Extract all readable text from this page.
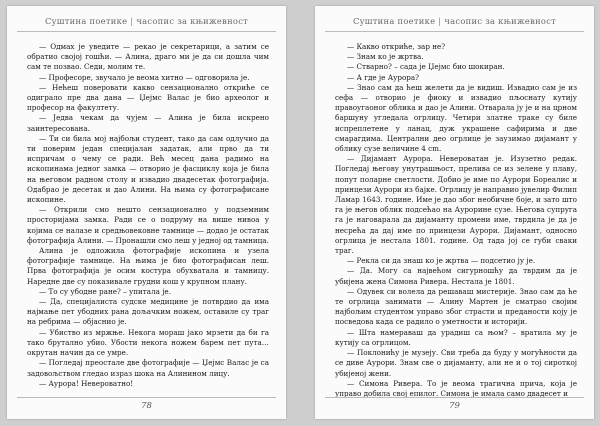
Суштина поетике | часопис за књижевност

— Одмах је уведите — рекао је секретарици, а затим се обратио својој гошћи. — Алина, драго ми је да си дошла чим сам те позвао. Седи, молим те.

— Професоре, звучало је веома хитно — одговорила је.

— Нећеш поверовати какво сензационално откриће се одиграло пре два дана — Џејмс Валас је био археолог и професор на факултету.

— Једва чекам да чујем — Алина је била искрено заинтересована.

— Ти си била мој најбољи студент, тако да сам одлучио да ти поверим један специјалан задатак, али прво да ти испричам о чему се ради. Већ месец дана радимо на ископинама једног замка — отворио је фасциклу која је била на његовом радном столу и извадио двадесетак фотографија. Одабрао је десетак и дао Алини. На њима су фотографисане ископине.

— Открили смо нешто сензационално у подземним просторијама замка. Ради се о подруму на више нивоа у којима се налазе и средњовековне тамнице — додао је остатак фотографија Алини. — Пронашли смо леш у једној од тамница.

Алина је одложила фотографије ископина и узела фотографије тамнице. На њима је био фотографисан леш. Прва фотографија је осим костура обухватала и тамницу. Наредне две су показивале грудни кош у крупном плану.

— То су убодне ране? – упитала је.

— Да, специјалиста судске медицине је потврдио да има најмање пет убодних рана дољачким ножем, оставиле су траг на ребрима — објаснио је.

— Убиство из мржње. Некога морaш јако мрзети да би га тако брутално убио. Убости некога ножем барем пет пута… окрутан начин да се умре.

— Погледај преостале две фотографије — Џејмс Валас је са задовољством гледао израз шока на Алинином лицу.

— Аурора! Невероватно!

78
Суштина поетике | часопис за књижевност

— Какво откриће, зар не?

— Знам ко је жртва.

— Стварно? – сада је Џејмс био шокиран.

— А где је Аурора?

— Знао сам да ћеш желети да је видиш. Извадио сам је из сефа — отворио је фиоку и извадио пљоснату кутију правоугаоног облика и дао је Алини. Отварала ју је и на црном баршуну угледала огрлицу. Четири златне траке су биле испреплетене у ланац, дуж украшене сафирима и две смарагдима. Централни део огрлице је заузимао дијамант у облику сузе величине 4 cm.

— Дијамант Аурора. Невероватан је. Изузетно редак. Погледај његову унутрашњост, прелива се из зелене у плаву, попут поларне светлости. Добио је име по Аурори Бореалис и принцези Аурори из бајке. Огрлицу је направио јувелир Филип Ламар 1643. године. Име је дао због необичне боје, и зато што га је његов облик подсећао на Аурорине сузе. Његова супруга га је наговарала да дијаманту промени име, тврдила је да је несрећа да дај име по принцези Аурори. Дијамант, односно огрлица је нестала 1801. године. Од тада јој се губи сваки траг.

— Рекла си да знаш ко је жртва — подсетио ју је.

— Да. Могу са највећом сигурношћу да тврдим да је убијена жена Симона Ривера. Нестала је 1801.

— Одувек си волела да решаваш мистерије. Знао сам да ће те огрлица занимати — Алину Мартен је сматрао својим најбољим студентом управо због страсти и преданости коју је посведова када се радило о уметности и историји.

— Шта намераваш да урадиш са њом? – вратила му је кутију са огрлицом.

— Поклонићу је музеју. Сви треба да буду у могућности да се диве Аурори. Знам све о дијаманту, али не и о тој сироткој убијеној жени.

— Симона Ривера. То је веома трагична прича, која је управо добила свој епилог. Симона је имала само двадесет и

79
